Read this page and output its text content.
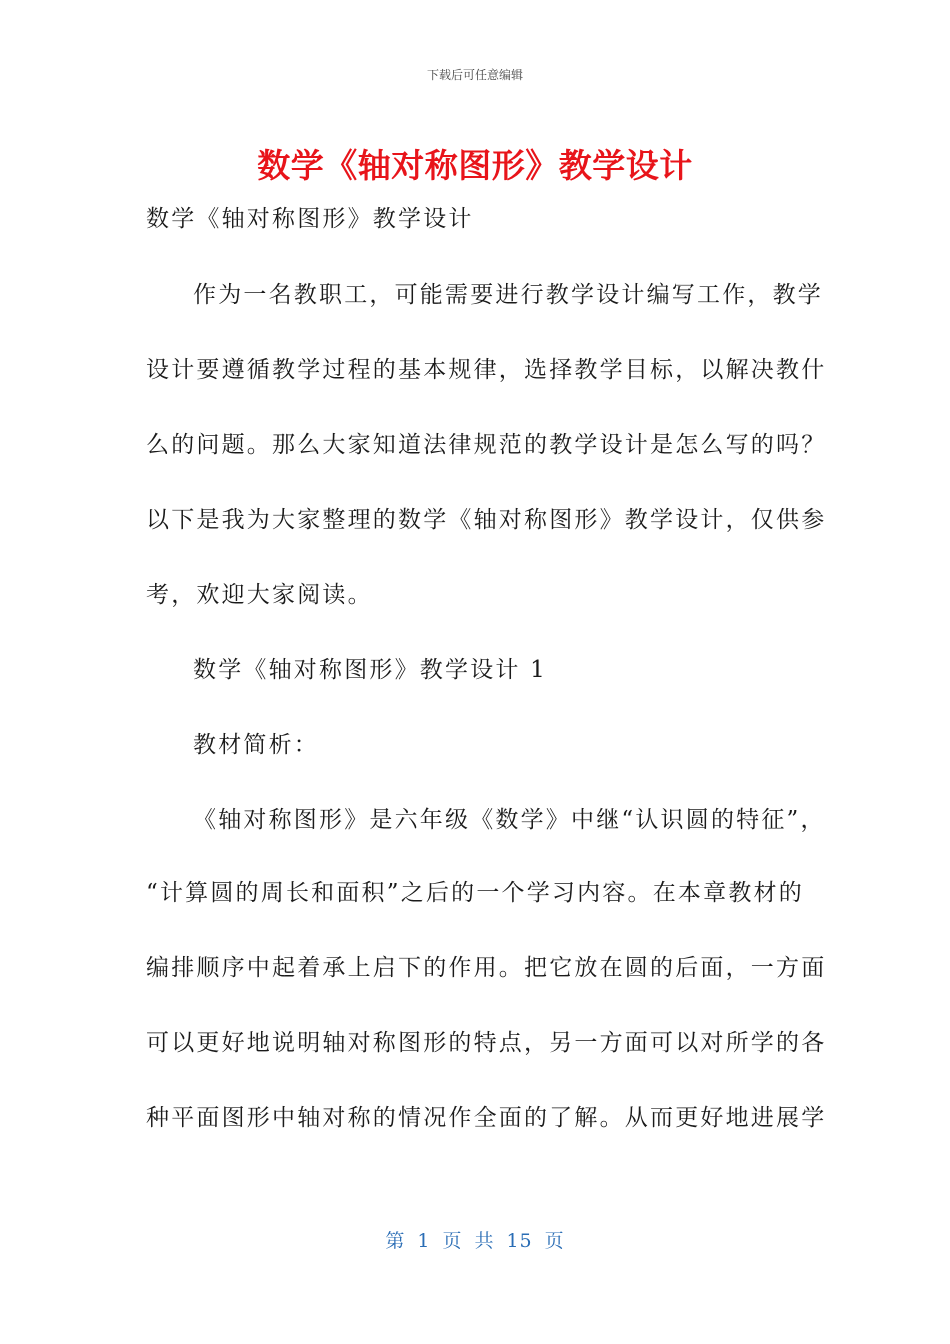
下载后可任意编辑
数学《轴对称图形》教学设计
数学《轴对称图形》教学设计
作为一名教职工，可能需要进行教学设计编写工作，教学
设计要遵循教学过程的基本规律，选择教学目标，以解决教什
么的问题。那么大家知道法律规范的教学设计是怎么写的吗？
以下是我为大家整理的数学《轴对称图形》教学设计，仅供参
考，欢迎大家阅读。
数学《轴对称图形》教学设计 1
教材简析：
《轴对称图形》是六年级《数学》中继“认识圆的特征”，
“计算圆的周长和面积”之后的一个学习内容。在本章教材的
编排顺序中起着承上启下的作用。把它放在圆的后面，一方面
可以更好地说明轴对称图形的特点，另一方面可以对所学的各
种平面图形中轴对称的情况作全面的了解。从而更好地进展学
第 1 页 共 15 页
